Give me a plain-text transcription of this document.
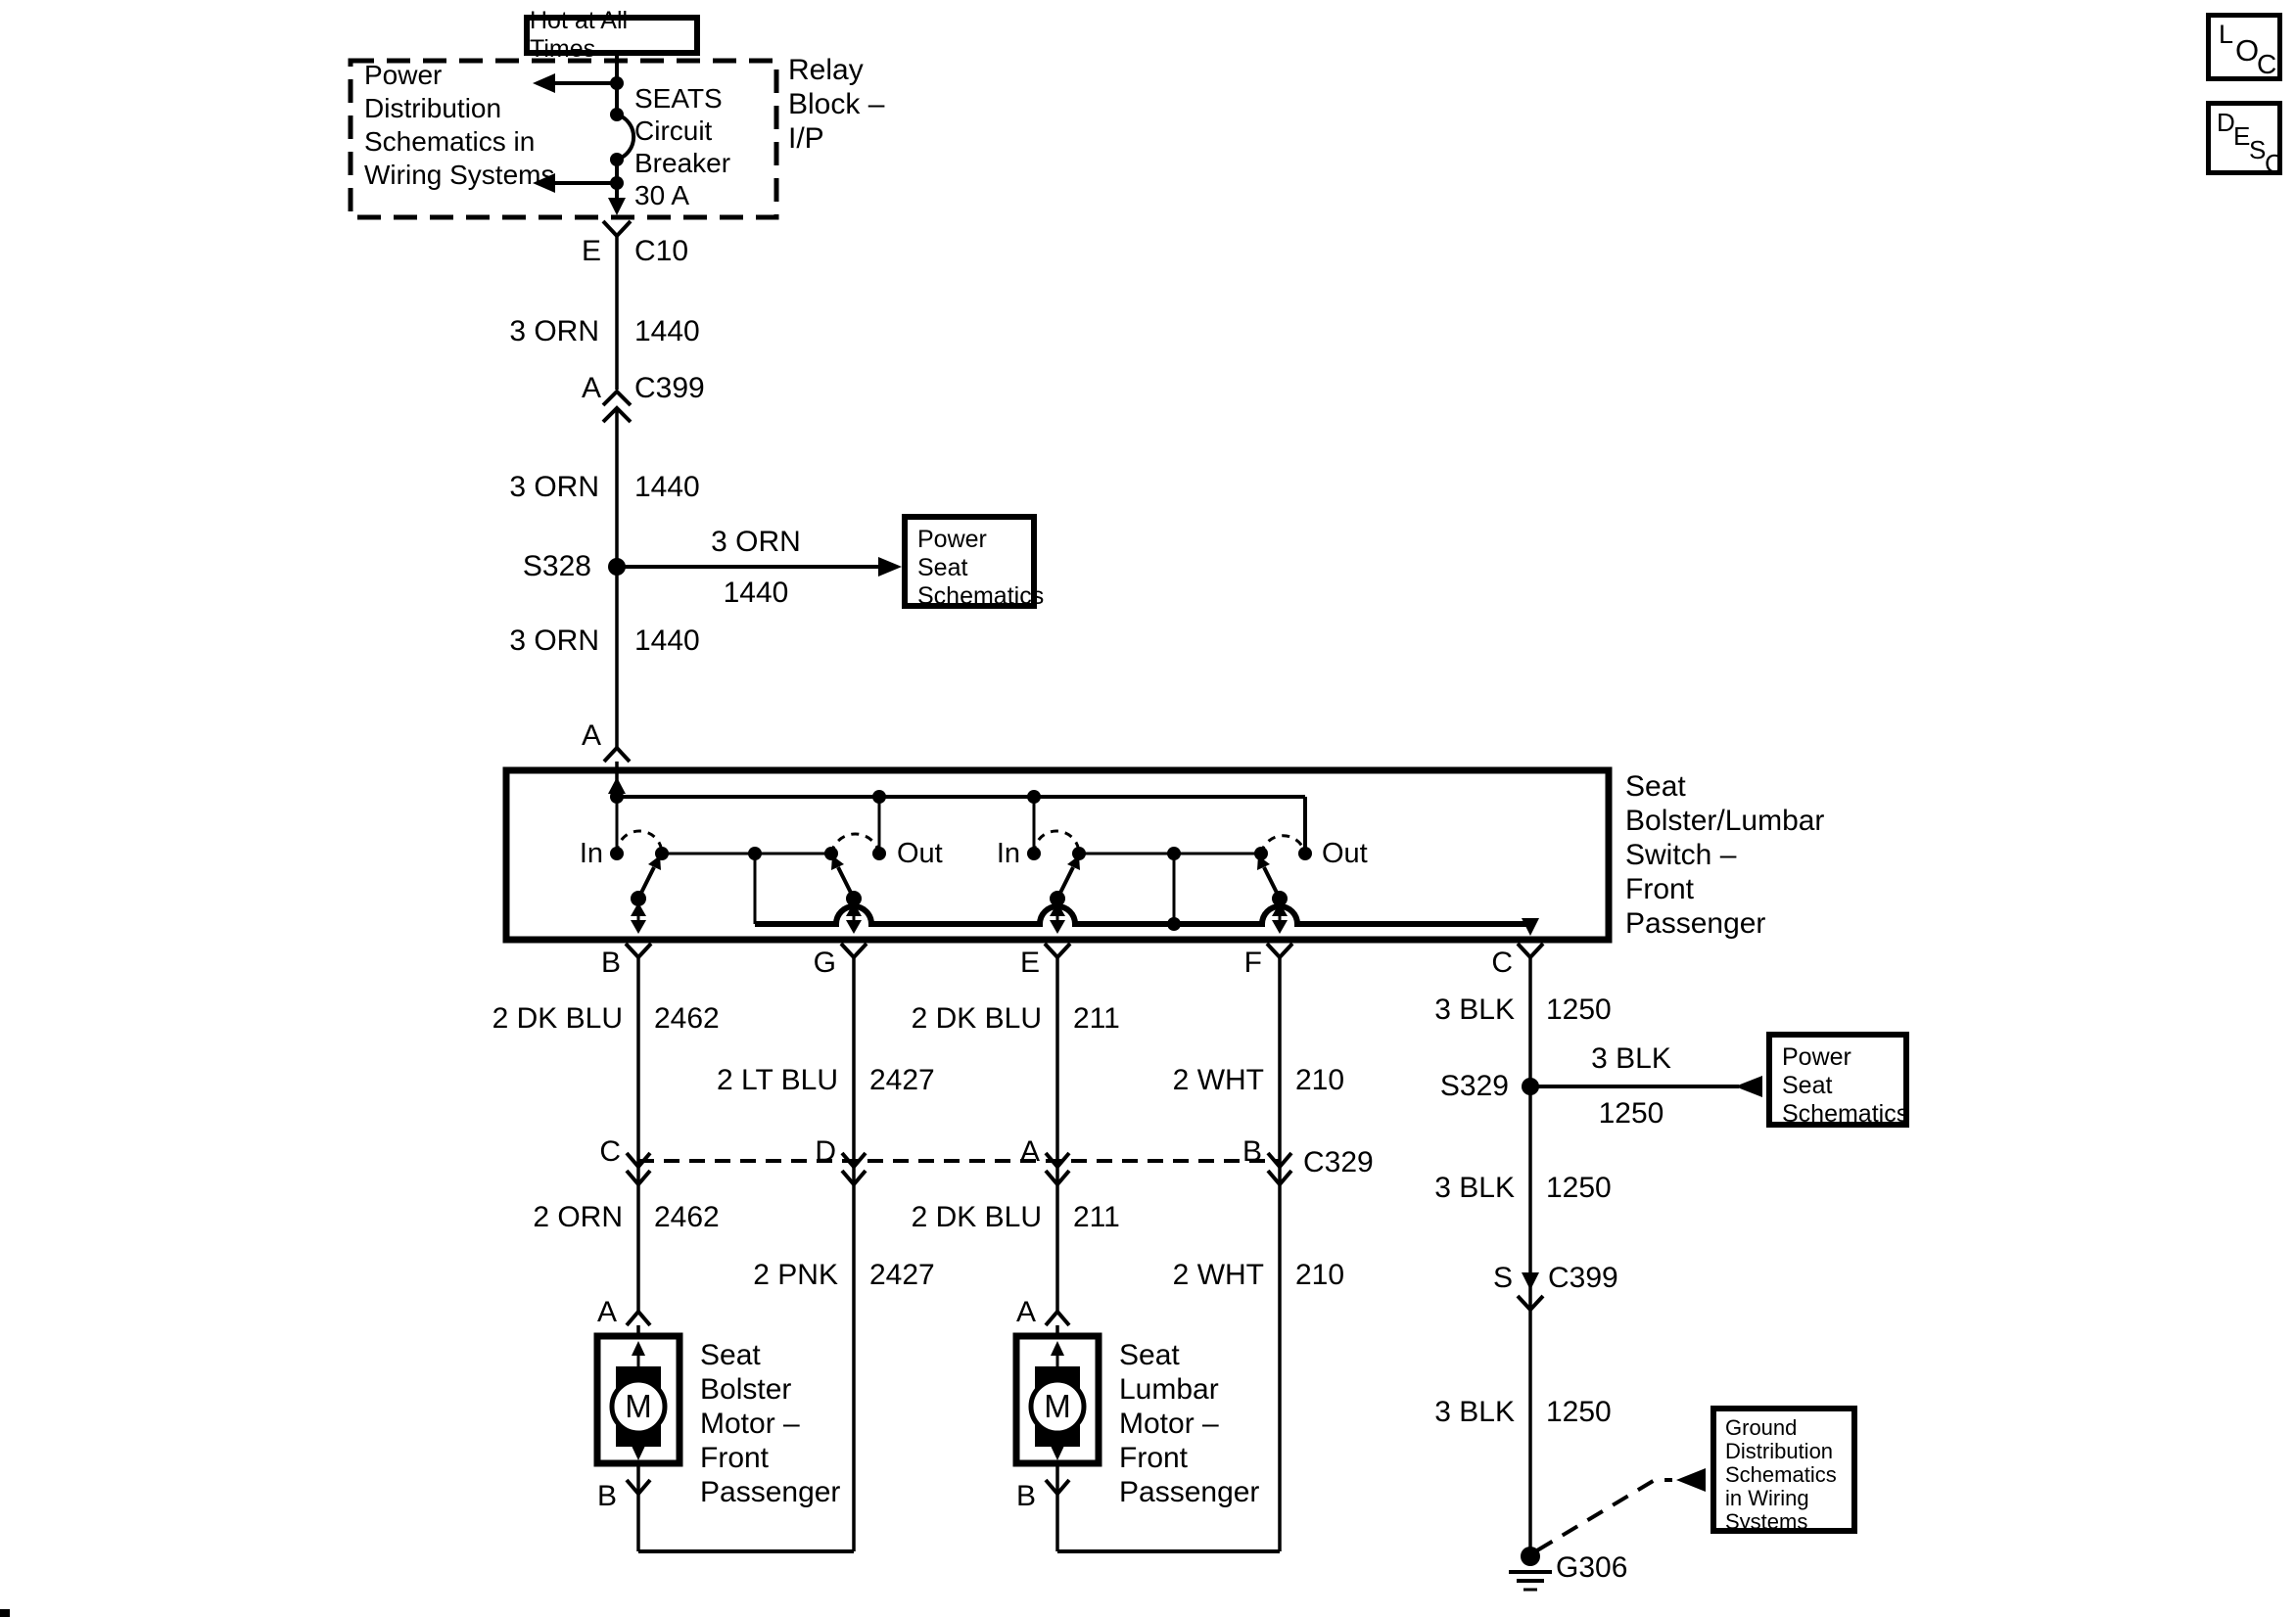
Hot at All Times
Power
Seat
Schematics
Power
Seat
Schematics
Ground
Distribution
Schematics
in Wiring
Systems
Power
Distribution
Schematics in
Wiring Systems
SEATS
Circuit
Breaker
30 A
Relay
Block –
I/P
E C10
3 ORN 1440
A C399
3 ORN 1440
S328
3 ORN
1440
3 ORN 1440
A
In	Out In	Out
Seat
Bolster/Lumbar
Switch –
Front
Passenger
B	G	E	F	C
2 DK BLU 2462	2 DK BLU 211	3 BLK 1250
2 LT BLU 2427	2 WHT 210	S329
3 BLK
1250
C	D	A	B C329
3 BLK 1250
2 ORN 2462	2 DK BLU 211
2 PNK 2427	2 WHT 210	S C399
3 BLK 1250
A	A
B	B
M	M
Seat
Bolster
Motor –
Front
Passenger
Seat
Lumbar
Motor –
Front
Passenger
G306
L O
C
D
E
S
C
